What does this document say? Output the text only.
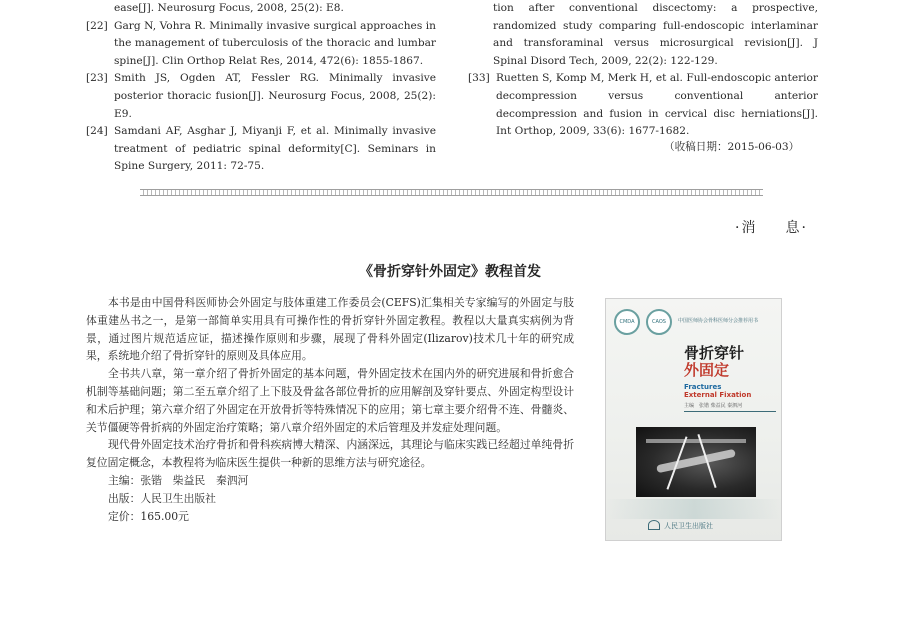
ease[J]. Neurosurg Focus, 2008, 25(2): E8.
[22] Garg N, Vohra R. Minimally invasive surgical approaches in the management of tuberculosis of the thoracic and lumbar spine[J]. Clin Orthop Relat Res, 2014, 472(6): 1855-1867.
[23] Smith JS, Ogden AT, Fessler RG. Minimally invasive posterior thoracic fusion[J]. Neurosurg Focus, 2008, 25(2): E9.
[24] Samdani AF, Asghar J, Miyanji F, et al. Minimally invasive treatment of pediatric spinal deformity[C]. Seminars in Spine Surgery, 2011: 72-75.
tion after conventional discectomy: a prospective, randomized study comparing full-endoscopic interlaminar and transforaminal versus microsurgical revision[J]. J Spinal Disord Tech, 2009, 22(2): 122-129.
[33] Ruetten S, Komp M, Merk H, et al. Full-endoscopic anterior decompression versus conventional anterior decompression and fusion in cervical disc herniations[J]. Int Orthop, 2009, 33(6): 1677-1682.
（收稿日期：2015-06-03）
·消 息·
《骨折穿针外固定》教程首发

本书是由中国骨科医师协会外固定与肢体重建工作委员会(CEFS)汇集相关专家编写的外固定与肢体重建丛书之一，是第一部简单实用具有可操作性的骨折穿针外固定教程。教程以大量真实病例为背景，通过图片规范适应证，描述操作原则和步骤，展现了骨科外固定(Ilizarov)技术几十年的研究成果，系统地介绍了骨折穿针的原则及具体应用。

全书共八章，第一章介绍了骨折外固定的基本问题，骨外固定技术在国内外的研究进展和骨折愈合机制等基础问题；第二至五章介绍了上下肢及骨盆各部位骨折的应用解剖及穿针要点、外固定构型设计和术后护理；第六章介绍了外固定在开放骨折等特殊情况下的应用；第七章主要介绍骨不连、骨髓炎、关节僵硬等骨折病的外固定治疗策略；第八章介绍外固定的术后管理及并发症处理问题。

现代骨外固定技术治疗骨折和骨科疾病博大精深、内涵深远，其理论与临床实践已经超过单纯骨折复位固定概念，本教程将为临床医生提供一种新的思维方法与研究途径。

主编：张锴　柴益民　秦泗河
出版：人民卫生出版社
定价：165.00元
CMDA	CAOS	中国医师协会骨科医师分会推荐用书
骨折穿针
外固定
Fractures
External Fixation
主编　张锴 柴益民 秦泗河
人民卫生出版社
